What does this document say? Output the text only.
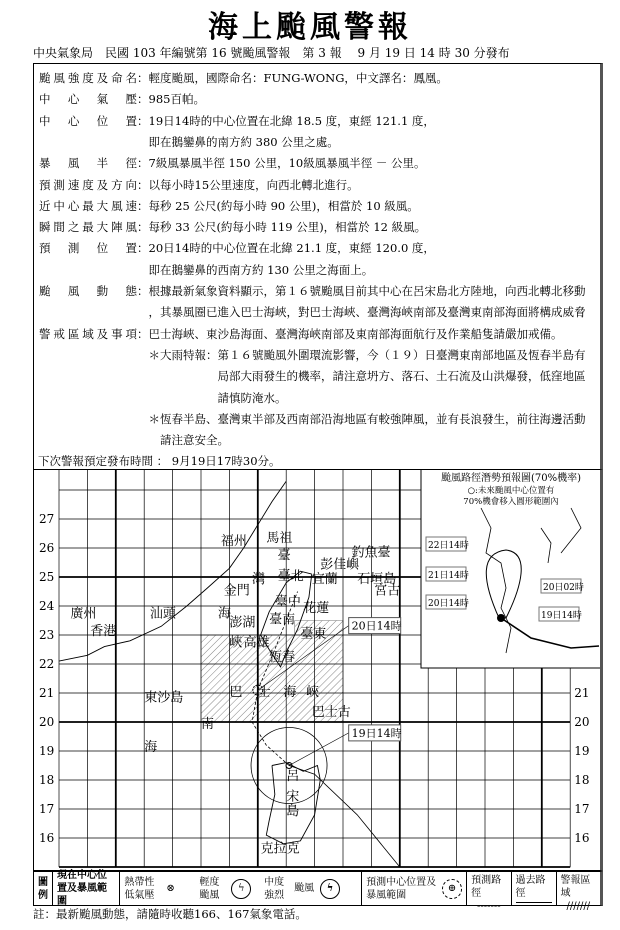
海上颱風警報
中央氣象局　民國 103 年編號第 16 號颱風警報　第 3 報　 9 月 19 日 14 時 30 分發布
颱風強度及命名：輕度颱風，國際命名：FUNG-WONG，中文譯名：鳳凰。
中心氣壓：985百帕。
中心位置：19日14時的中心位置在北緯 18.5 度，東經 121.1 度，
　即在鵝鑾鼻的南方約 380 公里之處。
暴風半徑：7級風暴風半徑 150 公里，10級風暴風半徑 － 公里。
預測速度及方向：以每小時15公里速度，向西北轉北進行。
近中心最大風速：每秒 25 公尺(約每小時 90 公里)，相當於 10 級風。
瞬間之最大陣風：每秒 33 公尺(約每小時 119 公里)，相當於 12 級風。
預測位置：20日14時的中心位置在北緯 21.1 度，東經 120.0 度，
　即在鵝鑾鼻的西南方約 130 公里之海面上。
颱風動態：根據最新氣象資料顯示，第１６號颱風目前其中心在呂宋島北方陸地，向西北轉北移動
　，其暴風圈已進入巴士海峽，對巴士海峽、臺灣海峽南部及臺灣東南部海面將構成威脅
警戒區域及事項：巴士海峽、東沙島海面、臺灣海峽南部及東南部海面航行及作業船隻請嚴加戒備。
　＊大雨特報：第１６號颱風外圍環流影響，今（１９）日臺灣東南部地區及恆春半島有
　　　　　　　局部大雨發生的機率，請注意坍方、落石、土石流及山洪爆發，低窪地區
　　　　　　　請慎防淹水。
　＊恆春半島、臺灣東半部及西南部沿海地區有較強陣風，並有長浪發生，前往海邊活動
　　請注意安全。
下次警報預定發布時間 ： 9月19日17時30分。
16	16
17	17
18	18
19	19
20	20
21	21
22
23
24
25
26
27
福州 馬祖
臺
灣
海
峽
金門
澎湖
臺北 宜蘭
臺中 花蓮
臺南
高雄
臺東
恆春
彭佳嶼
釣魚臺
石垣島
宮古
廣州
香港
汕頭
東沙島
南
海
巴 士 海 峽
巴士古
呂
宋
島
克拉克
19日14時
20日14時
颱風路徑潛勢預報圖(70%機率)
○:未來颱風中心位置有
70%機會移入圓形範圍內
22日14時
21日14時
20日14時
20日02時
19日14時
圖例
現在中心位置及暴風範圍
熱帶性低氣壓
⊗
輕度颱風
ϟ
中度強烈
颱風	ϟ
預測中心位置及暴風範圍
⊕
預測路徑
-------
過去路徑
警報區域
///////
註：最新颱風動態，請隨時收聽166、167氣象電話。
